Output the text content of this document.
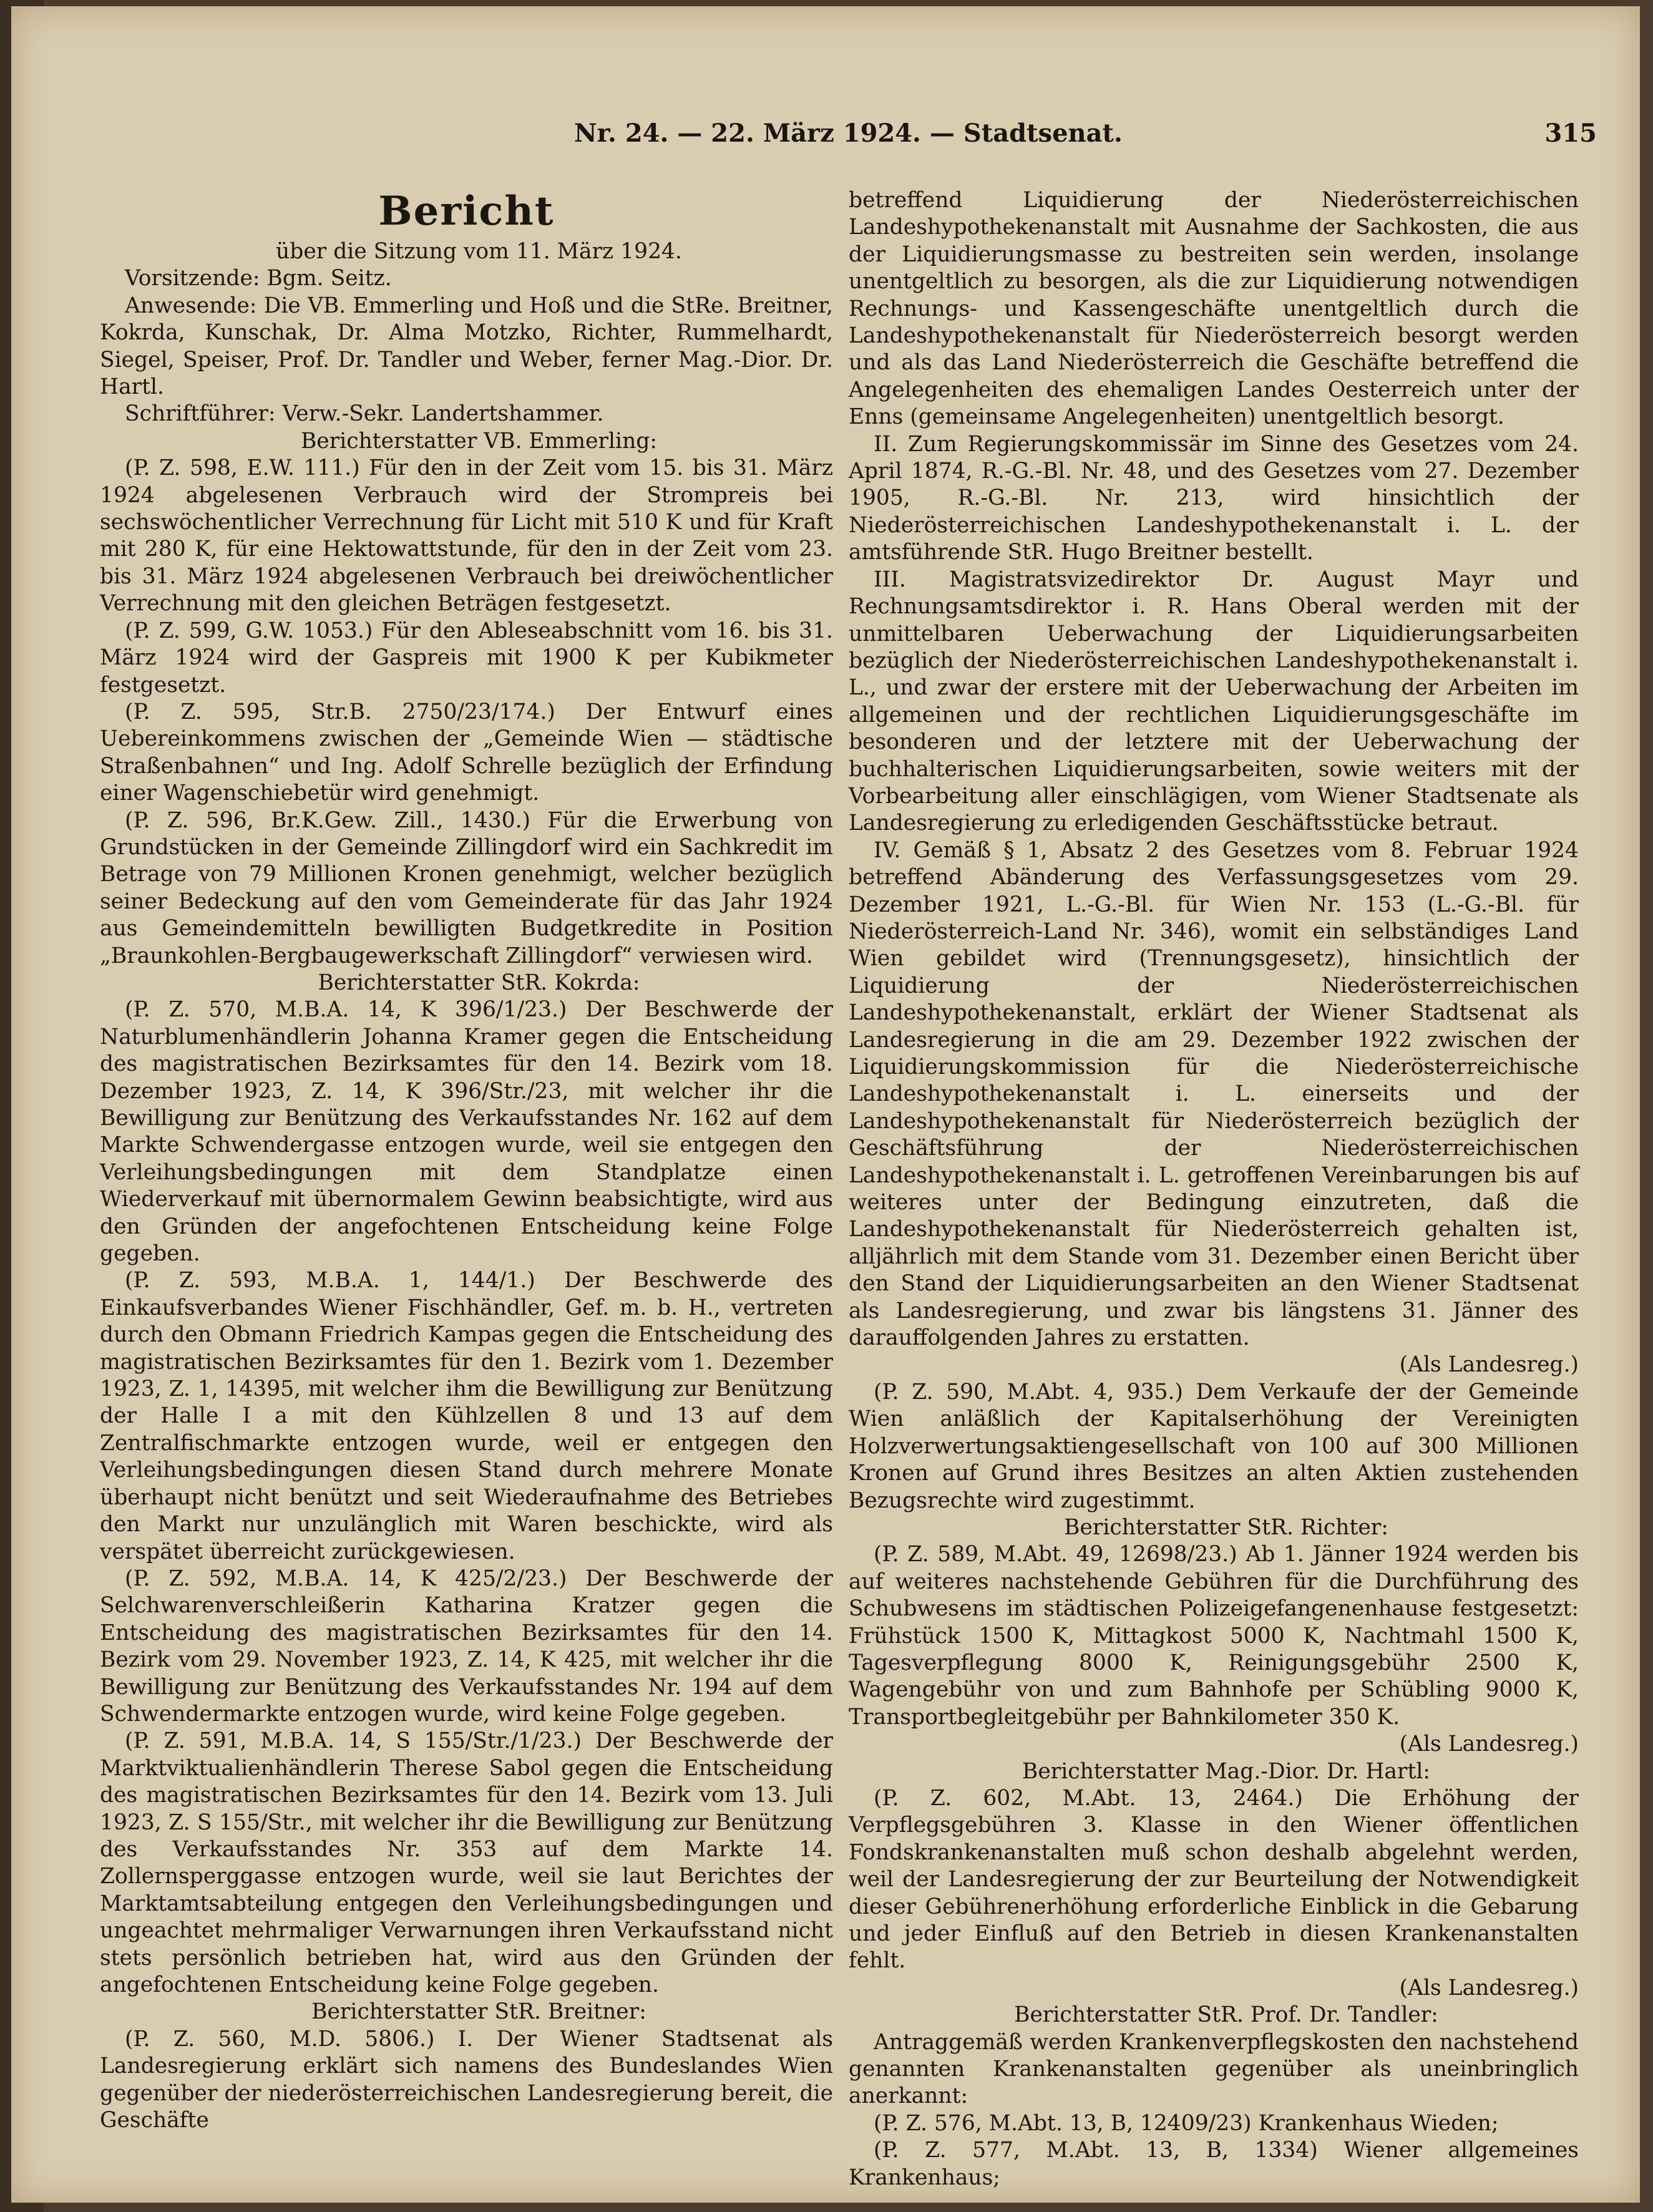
Nr. 24. — 22. März 1924. — Stadtsenat.	315
Bericht

über die Sitzung vom 11. März 1924.

Vorsitzende: Bgm. Seitz.

Anwesende: Die VB. Emmerling und Hoß und die StRe. Breitner, Kokrda, Kunschak, Dr. Alma Motzko, Richter, Rummelhardt, Siegel, Speiser, Prof. Dr. Tandler und Weber, ferner Mag.-Dior. Dr. Hartl.

Schriftführer: Verw.-Sekr. Landertshammer.

Berichterstatter VB. Emmerling:

(P. Z. 598, E.W. 111.) Für den in der Zeit vom 15. bis 31. März 1924 abgelesenen Verbrauch wird der Strompreis bei sechswöchentlicher Verrechnung für Licht mit 510 K und für Kraft mit 280 K, für eine Hektowattstunde, für den in der Zeit vom 23. bis 31. März 1924 abgelesenen Verbrauch bei dreiwöchentlicher Verrechnung mit den gleichen Beträgen festgesetzt.

(P. Z. 599, G.W. 1053.) Für den Ableseabschnitt vom 16. bis 31. März 1924 wird der Gaspreis mit 1900 K per Kubikmeter festgesetzt.

(P. Z. 595, Str.B. 2750/23/174.) Der Entwurf eines Uebereinkommens zwischen der „Gemeinde Wien — städtische Straßenbahnen“ und Ing. Adolf Schrelle bezüglich der Erfindung einer Wagenschiebetür wird genehmigt.

(P. Z. 596, Br.K.Gew. Zill., 1430.) Für die Erwerbung von Grundstücken in der Gemeinde Zillingdorf wird ein Sachkredit im Betrage von 79 Millionen Kronen genehmigt, welcher bezüglich seiner Bedeckung auf den vom Gemeinderate für das Jahr 1924 aus Gemeindemitteln bewilligten Budgetkredite in Position „Braunkohlen-Bergbaugewerkschaft Zillingdorf“ verwiesen wird.

Berichterstatter StR. Kokrda:

(P. Z. 570, M.B.A. 14, K 396/1/23.) Der Beschwerde der Naturblumenhändlerin Johanna Kramer gegen die Entscheidung des magistratischen Bezirksamtes für den 14. Bezirk vom 18. Dezember 1923, Z. 14, K 396/Str./23, mit welcher ihr die Bewilligung zur Benützung des Verkaufsstandes Nr. 162 auf dem Markte Schwendergasse entzogen wurde, weil sie entgegen den Verleihungsbedingungen mit dem Standplatze einen Wiederverkauf mit übernormalem Gewinn beabsichtigte, wird aus den Gründen der angefochtenen Entscheidung keine Folge gegeben.

(P. Z. 593, M.B.A. 1, 144/1.) Der Beschwerde des Einkaufsverbandes Wiener Fischhändler, Gef. m. b. H., vertreten durch den Obmann Friedrich Kampas gegen die Entscheidung des magistratischen Bezirksamtes für den 1. Bezirk vom 1. Dezember 1923, Z. 1, 14395, mit welcher ihm die Bewilligung zur Benützung der Halle I a mit den Kühlzellen 8 und 13 auf dem Zentralfischmarkte entzogen wurde, weil er entgegen den Verleihungsbedingungen diesen Stand durch mehrere Monate überhaupt nicht benützt und seit Wiederaufnahme des Betriebes den Markt nur unzulänglich mit Waren beschickte, wird als verspätet überreicht zurückgewiesen.

(P. Z. 592, M.B.A. 14, K 425/2/23.) Der Beschwerde der Selchwarenverschleißerin Katharina Kratzer gegen die Entscheidung des magistratischen Bezirksamtes für den 14. Bezirk vom 29. November 1923, Z. 14, K 425, mit welcher ihr die Bewilligung zur Benützung des Verkaufsstandes Nr. 194 auf dem Schwendermarkte entzogen wurde, wird keine Folge gegeben.

(P. Z. 591, M.B.A. 14, S 155/Str./1/23.) Der Beschwerde der Marktviktualienhändlerin Therese Sabol gegen die Entscheidung des magistratischen Bezirksamtes für den 14. Bezirk vom 13. Juli 1923, Z. S 155/Str., mit welcher ihr die Bewilligung zur Benützung des Verkaufsstandes Nr. 353 auf dem Markte 14. Zollernsperggasse entzogen wurde, weil sie laut Berichtes der Marktamtsabteilung entgegen den Verleihungsbedingungen und ungeachtet mehrmaliger Verwarnungen ihren Verkaufsstand nicht stets persönlich betrieben hat, wird aus den Gründen der angefochtenen Entscheidung keine Folge gegeben.

Berichterstatter StR. Breitner:

(P. Z. 560, M.D. 5806.) I. Der Wiener Stadtsenat als Landesregierung erklärt sich namens des Bundeslandes Wien gegenüber der niederösterreichischen Landesregierung bereit, die Geschäfte

betreffend Liquidierung der Niederösterreichischen Landeshypothekenanstalt mit Ausnahme der Sachkosten, die aus der Liquidierungsmasse zu bestreiten sein werden, insolange unentgeltlich zu besorgen, als die zur Liquidierung notwendigen Rechnungs- und Kassengeschäfte unentgeltlich durch die Landeshypothekenanstalt für Niederösterreich besorgt werden und als das Land Niederösterreich die Geschäfte betreffend die Angelegenheiten des ehemaligen Landes Oesterreich unter der Enns (gemeinsame Angelegenheiten) unentgeltlich besorgt.

II. Zum Regierungskommissär im Sinne des Gesetzes vom 24. April 1874, R.-G.-Bl. Nr. 48, und des Gesetzes vom 27. Dezember 1905, R.-G.-Bl. Nr. 213, wird hinsichtlich der Niederösterreichischen Landeshypothekenanstalt i. L. der amtsführende StR. Hugo Breitner bestellt.

III. Magistratsvizedirektor Dr. August Mayr und Rechnungsamtsdirektor i. R. Hans Oberal werden mit der unmittelbaren Ueberwachung der Liquidierungsarbeiten bezüglich der Niederösterreichischen Landeshypothekenanstalt i. L., und zwar der erstere mit der Ueberwachung der Arbeiten im allgemeinen und der rechtlichen Liquidierungsgeschäfte im besonderen und der letztere mit der Ueberwachung der buchhalterischen Liquidierungsarbeiten, sowie weiters mit der Vorbearbeitung aller einschlägigen, vom Wiener Stadtsenate als Landesregierung zu erledigenden Geschäftsstücke betraut.

IV. Gemäß § 1, Absatz 2 des Gesetzes vom 8. Februar 1924 betreffend Abänderung des Verfassungsgesetzes vom 29. Dezember 1921, L.-G.-Bl. für Wien Nr. 153 (L.-G.-Bl. für Niederösterreich-Land Nr. 346), womit ein selbständiges Land Wien gebildet wird (Trennungsgesetz), hinsichtlich der Liquidierung der Niederösterreichischen Landeshypothekenanstalt, erklärt der Wiener Stadtsenat als Landesregierung in die am 29. Dezember 1922 zwischen der Liquidierungskommission für die Niederösterreichische Landeshypothekenanstalt i. L. einerseits und der Landeshypothekenanstalt für Niederösterreich bezüglich der Geschäftsführung der Niederösterreichischen Landeshypothekenanstalt i. L. getroffenen Vereinbarungen bis auf weiteres unter der Bedingung einzutreten, daß die Landeshypothekenanstalt für Niederösterreich gehalten ist, alljährlich mit dem Stande vom 31. Dezember einen Bericht über den Stand der Liquidierungsarbeiten an den Wiener Stadtsenat als Landesregierung, und zwar bis längstens 31. Jänner des darauffolgenden Jahres zu erstatten.

(Als Landesreg.)

(P. Z. 590, M.Abt. 4, 935.) Dem Verkaufe der der Gemeinde Wien anläßlich der Kapitalserhöhung der Vereinigten Holzverwertungsaktiengesellschaft von 100 auf 300 Millionen Kronen auf Grund ihres Besitzes an alten Aktien zustehenden Bezugsrechte wird zugestimmt.

Berichterstatter StR. Richter:

(P. Z. 589, M.Abt. 49, 12698/23.) Ab 1. Jänner 1924 werden bis auf weiteres nachstehende Gebühren für die Durchführung des Schubwesens im städtischen Polizeigefangenenhause festgesetzt: Frühstück 1500 K, Mittagkost 5000 K, Nachtmahl 1500 K, Tagesverpflegung 8000 K, Reinigungsgebühr 2500 K, Wagengebühr von und zum Bahnhofe per Schübling 9000 K, Transportbegleitgebühr per Bahnkilometer 350 K.

(Als Landesreg.)

Berichterstatter Mag.-Dior. Dr. Hartl:

(P. Z. 602, M.Abt. 13, 2464.) Die Erhöhung der Verpflegsgebühren 3. Klasse in den Wiener öffentlichen Fondskrankenanstalten muß schon deshalb abgelehnt werden, weil der Landesregierung der zur Beurteilung der Notwendigkeit dieser Gebührenerhöhung erforderliche Einblick in die Gebarung und jeder Einfluß auf den Betrieb in diesen Krankenanstalten fehlt.

(Als Landesreg.)

Berichterstatter StR. Prof. Dr. Tandler:

Antraggemäß werden Krankenverpflegskosten den nachstehend genannten Krankenanstalten gegenüber als uneinbringlich anerkannt:

(P. Z. 576, M.Abt. 13, B, 12409/23) Krankenhaus Wieden;

(P. Z. 577, M.Abt. 13, B, 1334) Wiener allgemeines Krankenhaus;
